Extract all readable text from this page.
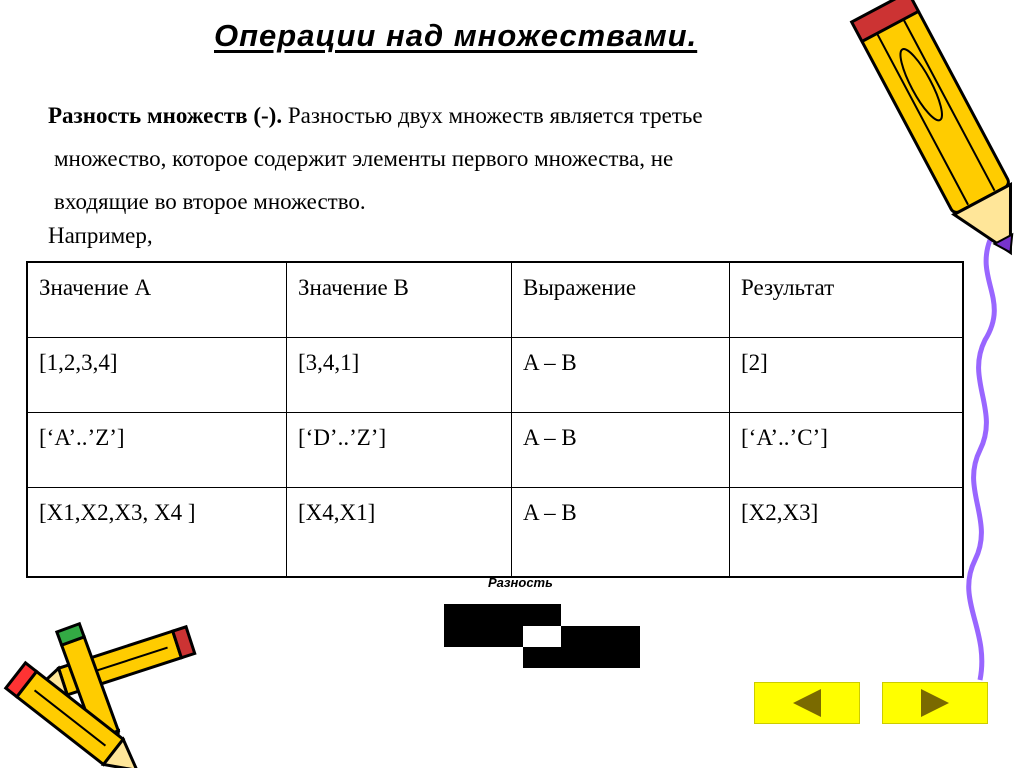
Операции над множествами.
Разность множеств (-). Разностью двух множеств является третье
множество, которое содержит элементы первого множества, не
входящие во второе множество.
Например,
Значение А	Значение В	Выражение	Результат
[1,2,3,4]	[3,4,1]	A – B	[2]
[‘A’..’Z’]	[‘D’..’Z’]	A – B	[‘A’..’C’]
[X1,X2,X3, X4 ]	[X4,X1]	A – B	[X2,X3]
Разность
